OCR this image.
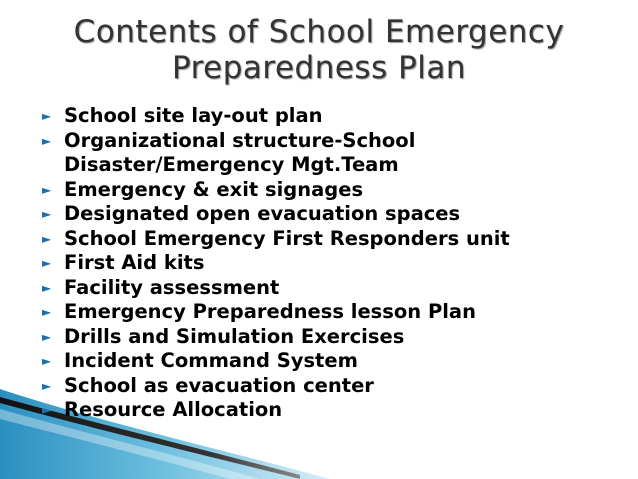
Contents of School Emergency
Preparedness Plan
► School site lay-out plan
► Organizational structure-School
Disaster/Emergency Mgt.Team
► Emergency & exit signages
► Designated open evacuation spaces
► School Emergency First Responders unit
► First Aid kits
► Facility assessment
► Emergency Preparedness lesson Plan
► Drills and Simulation Exercises
► Incident Command System
► School as evacuation center
► Resource Allocation
